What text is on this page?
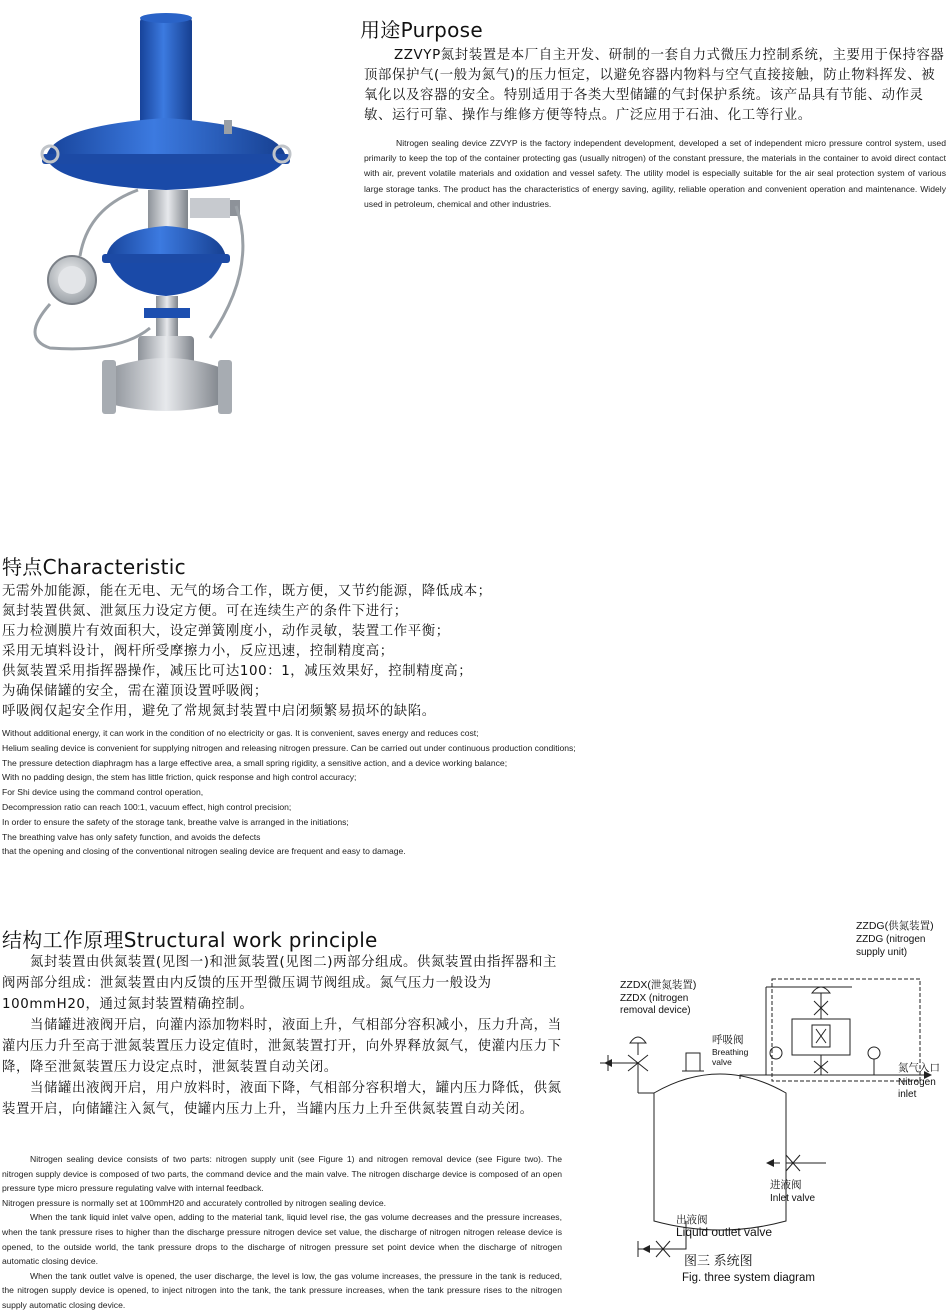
用途Purpose
ZZVYP氮封装置是本厂自主开发、研制的一套自力式微压力控制系统，主要用于保持容器顶部保护气(一般为氮气)的压力恒定，以避免容器内物料与空气直接接触，防止物料挥发、被氧化以及容器的安全。特别适用于各类大型储罐的气封保护系统。该产品具有节能、动作灵敏、运行可靠、操作与维修方便等特点。广泛应用于石油、化工等行业。
Nitrogen sealing device ZZVYP is the factory independent development, developed a set of independent micro pressure control system, used primarily to keep the top of the container protecting gas (usually nitrogen) of the constant pressure, the materials in the container to avoid direct contact with air, prevent volatile materials and oxidation and vessel safety. The utility model is especially suitable for the air seal protection system of various large storage tanks. The product has the characteristics of energy saving, agility, reliable operation and convenient operation and maintenance. Widely used in petroleum, chemical and other industries.
特点Characteristic

无需外加能源，能在无电、无气的场合工作，既方便，又节约能源，降低成本；

氮封装置供氮、泄氮压力设定方便。可在连续生产的条件下进行；

压力检测膜片有效面积大，设定弹簧刚度小，动作灵敏，装置工作平衡；

采用无填料设计，阀杆所受摩擦力小，反应迅速，控制精度高；

供氮装置采用指挥器操作，减压比可达100：1，减压效果好，控制精度高；

为确保储罐的安全，需在灌顶设置呼吸阀；

呼吸阀仅起安全作用，避免了常规氮封装置中启闭频繁易损坏的缺陷。

Without additional energy, it can work in the condition of no electricity or gas. It is convenient, saves energy and reduces cost;

Helium sealing device is convenient for supplying nitrogen and releasing nitrogen pressure. Can be carried out under continuous production conditions;

The pressure detection diaphragm has a large effective area, a small spring rigidity, a sensitive action, and a device working balance;

With no padding design, the stem has little friction, quick response and high control accuracy;

For Shi device using the command control operation,

Decompression ratio can reach 100:1, vacuum effect, high control precision;

In order to ensure the safety of the storage tank, breathe valve is arranged in the initiations;

The breathing valve has only safety function, and avoids the defects

that the opening and closing of the conventional nitrogen sealing device are frequent and easy to damage.

结构工作原理Structural work principle

氮封装置由供氮装置(见图一)和泄氮装置(见图二)两部分组成。供氮装置由指挥器和主阀两部分组成：泄氮装置由内反馈的压开型微压调节阀组成。氮气压力一般设为100mmH20，通过氮封装置精确控制。

当储罐进液阀开启，向灌内添加物料时，液面上升，气相部分容积减小，压力升高，当灌内压力升至高于泄氮装置压力设定值时，泄氮装置打开，向外界释放氮气，使灌内压力下降，降至泄氮装置压力设定点时，泄氮装置自动关闭。

当储罐出液阀开启，用户放料时，液面下降，气相部分容积增大，罐内压力降低，供氮装置开启，向储罐注入氮气，使罐内压力上升，当罐内压力上升至供氮装置自动关闭。

Nitrogen sealing device consists of two parts: nitrogen supply unit (see Figure 1) and nitrogen removal device (see Figure two). The nitrogen supply device is composed of two parts, the command device and the main valve. The nitrogen discharge device is composed of an open pressure type micro pressure regulating valve with internal feedback.

Nitrogen pressure is normally set at 100mmH20 and accurately controlled by nitrogen sealing device.

When the tank liquid inlet valve open, adding to the material tank, liquid level rise, the gas volume decreases and the pressure increases, when the tank pressure rises to higher than the discharge pressure nitrogen device set value, the discharge of nitrogen nitrogen release device is opened, to the outside world, the tank pressure drops to the discharge of nitrogen pressure set point device when the discharge of nitrogen automatic closing device.

When the tank outlet valve is opened, the user discharge, the level is low, the gas volume increases, the pressure in the tank is reduced, the nitrogen supply device is opened, to inject nitrogen into the tank, the tank pressure increases, when the tank pressure rises to the nitrogen supply automatic closing device.

ZZDG(供氮装置)
ZZDG (nitrogen
supply unit)
ZZDX(泄氮装置)
ZZDX (nitrogen
removal device)
呼吸阀
Breathing
valve	氮气入口
Nitrogen
inlet
进液阀
Inlet valve
出液阀
Liquid outlet valve
图三 系统图
Fig. three system diagram
